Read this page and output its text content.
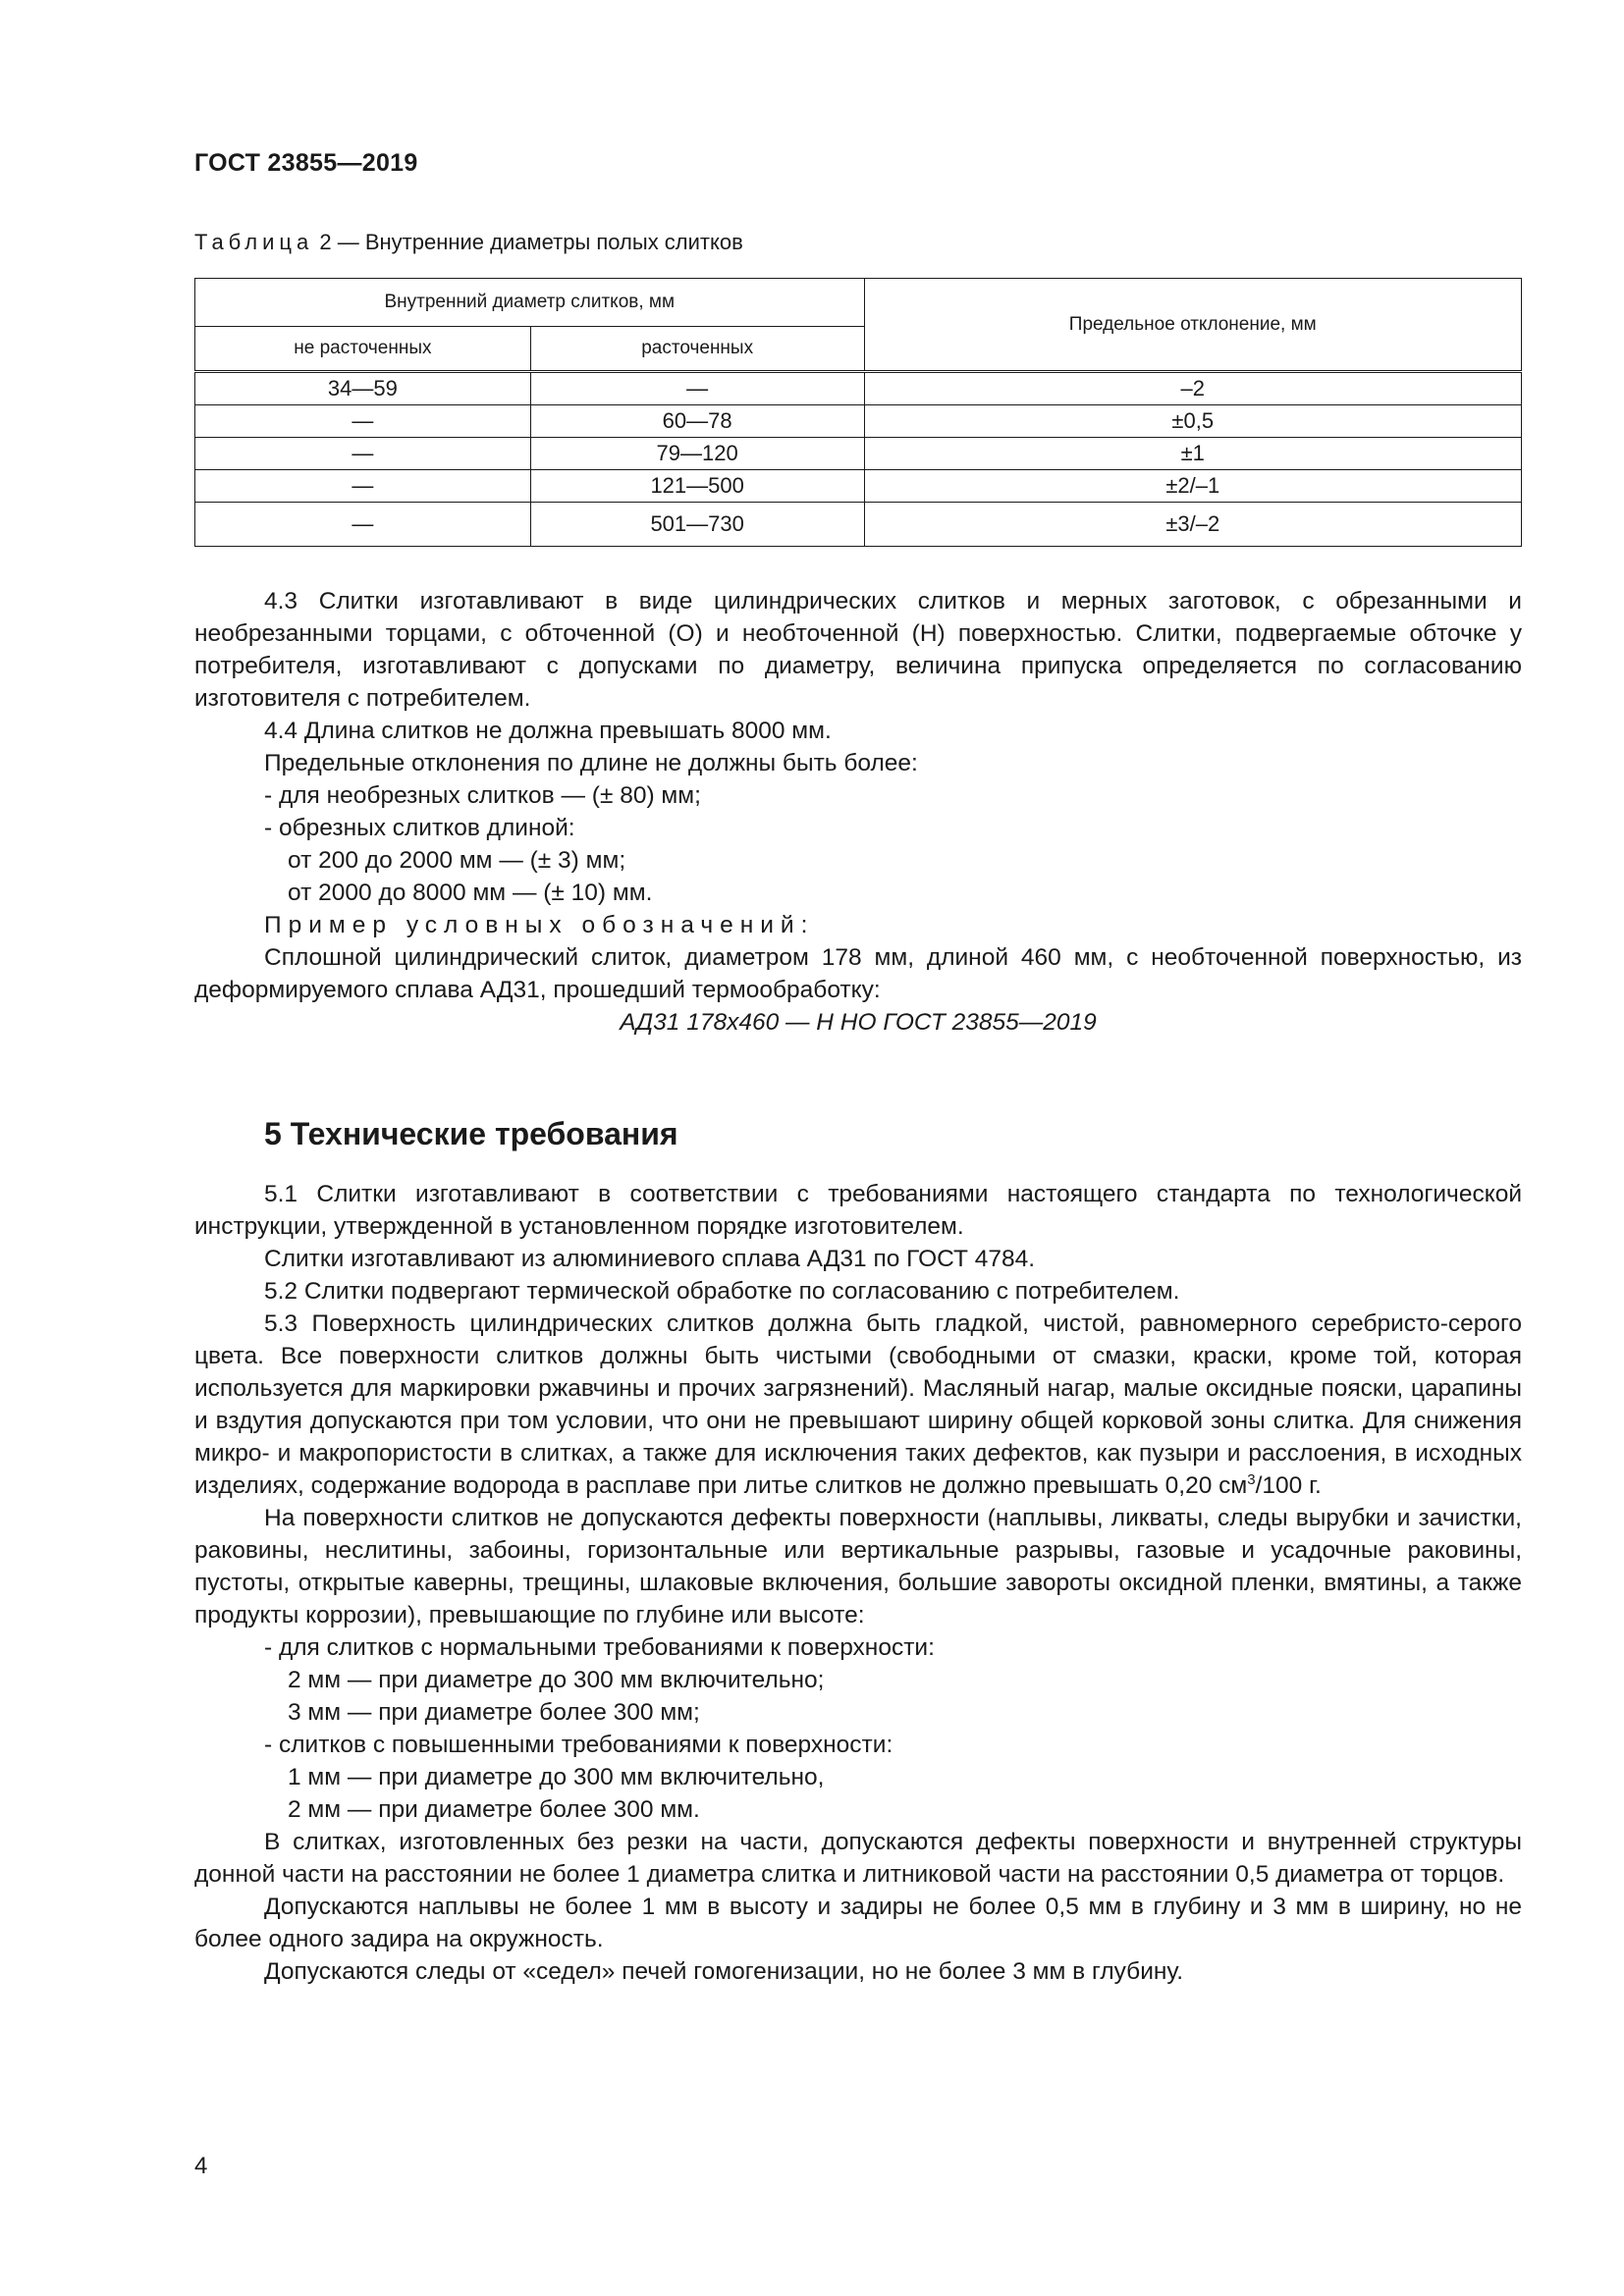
ГОСТ 23855—2019
Таблица 2 — Внутренние диаметры полых слитков
Внутренний диаметр слитков, мм		Предельное отклонение, мм
не расточенных	расточенных	
34—59	—	–2
—	60—78	±0,5
—	79—120	±1
—	121—500	±2/–1
—	501—730	±3/–2

4.3 Слитки изготавливают в виде цилиндрических слитков и мерных заготовок, с обрезанными и необрезанными торцами, с обточенной (О) и необточенной (Н) поверхностью. Слитки, подвергаемые обточке у потребителя, изготавливают с допусками по диаметру, величина припуска определяется по согласованию изготовителя с потребителем.

4.4 Длина слитков не должна превышать 8000 мм.

Предельные отклонения по длине не должны быть более:

- для необрезных слитков — (± 80) мм;

- обрезных слитков длиной:

от 200 до 2000 мм — (± 3) мм;

от 2000 до 8000 мм — (± 10) мм.

Пример условных обозначений:

Сплошной цилиндрический слиток, диаметром 178 мм, длиной 460 мм, с необточенной поверхностью, из деформируемого сплава АД31, прошедший термообработку:

АД31 178х460 — Н НО ГОСТ 23855—2019

5 Технические требования

5.1 Слитки изготавливают в соответствии с требованиями настоящего стандарта по технологической инструкции, утвержденной в установленном порядке изготовителем.

Слитки изготавливают из алюминиевого сплава АД31 по ГОСТ 4784.

5.2 Слитки подвергают термической обработке по согласованию с потребителем.

5.3 Поверхность цилиндрических слитков должна быть гладкой, чистой, равномерного серебристо-серого цвета. Все поверхности слитков должны быть чистыми (свободными от смазки, краски, кроме той, которая используется для маркировки ржавчины и прочих загрязнений). Масляный нагар, малые оксидные пояски, царапины и вздутия допускаются при том условии, что они не превышают ширину общей корковой зоны слитка. Для снижения микро- и макропористости в слитках, а также для исключения таких дефектов, как пузыри и расслоения, в исходных изделиях, содержание водорода в расплаве при литье слитков не должно превышать 0,20 $см^3/100$ г.

На поверхности слитков не допускаются дефекты поверхности (наплывы, ликваты, следы вырубки и зачистки, раковины, неслитины, забоины, горизонтальные или вертикальные разрывы, газовые и усадочные раковины, пустоты, открытые каверны, трещины, шлаковые включения, большие завороты оксидной пленки, вмятины, а также продукты коррозии), превышающие по глубине или высоте:

- для слитков с нормальными требованиями к поверхности:

2 мм — при диаметре до 300 мм включительно;

3 мм — при диаметре более 300 мм;

- слитков с повышенными требованиями к поверхности:

1 мм — при диаметре до 300 мм включительно,

2 мм — при диаметре более 300 мм.

В слитках, изготовленных без резки на части, допускаются дефекты поверхности и внутренней структуры донной части на расстоянии не более 1 диаметра слитка и литниковой части на расстоянии 0,5 диаметра от торцов.

Допускаются наплывы не более 1 мм в высоту и задиры не более 0,5 мм в глубину и 3 мм в ширину, но не более одного задира на окружность.

Допускаются следы от «седел» печей гомогенизации, но не более 3 мм в глубину.

4
